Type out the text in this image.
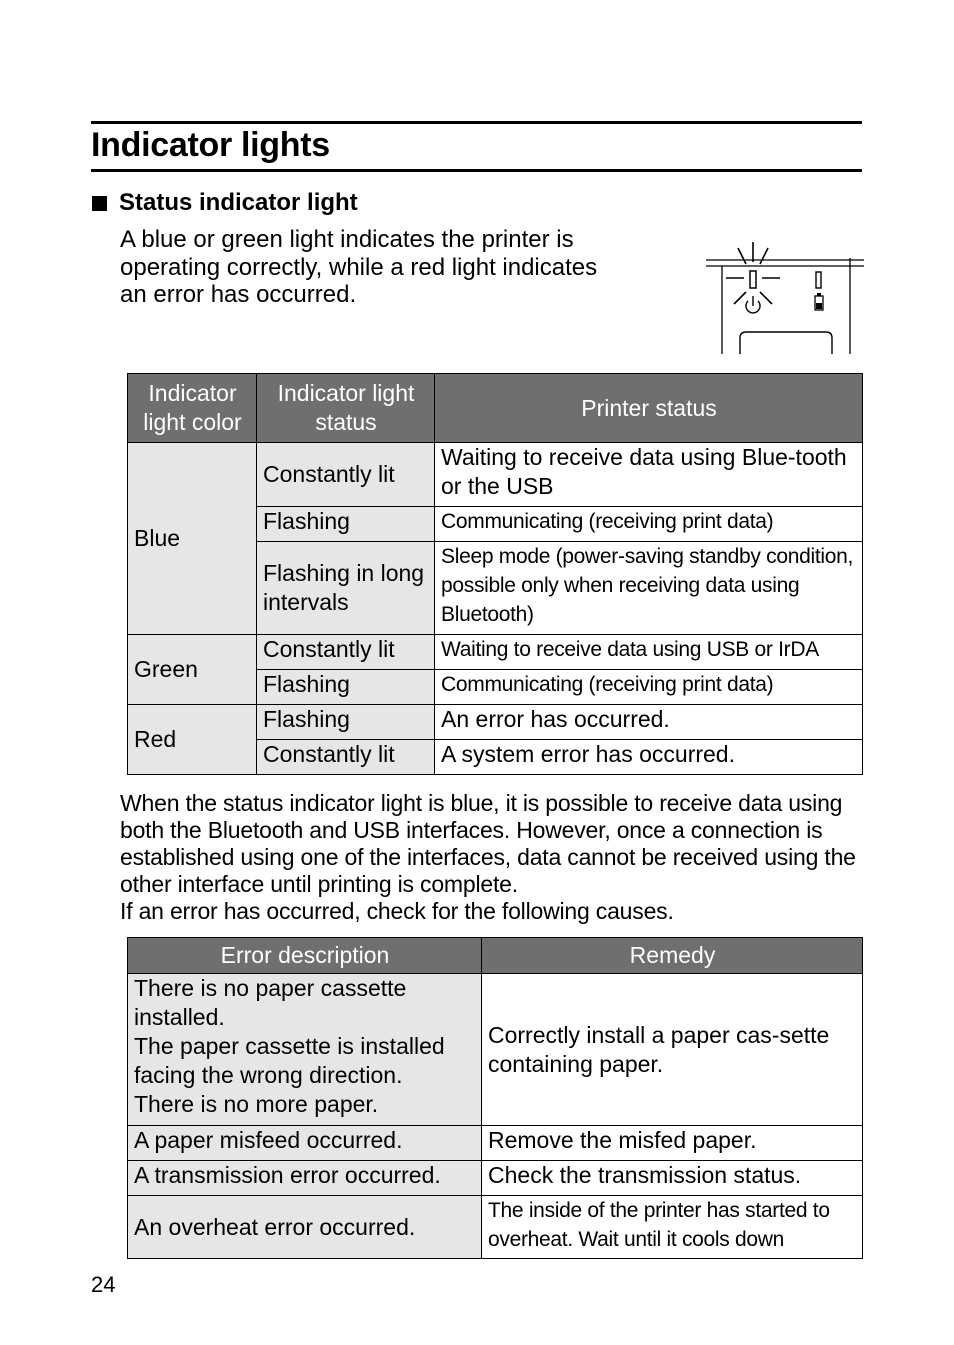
Indicator lights
Status indicator light
A blue or green light indicates the printer is
operating correctly, while a red light indicates
an error has occurred.
Indicator light color	Indicator light status	Printer status
Blue	Constantly lit	Waiting to receive data using Blue-tooth or the USB
	Flashing	Communicating (receiving print data)
	Flashing in long intervals	Sleep mode (power-saving standby condition, possible only when receiving data using Bluetooth)
Green	Constantly lit	Waiting to receive data using USB or IrDA
	Flashing	Communicating (receiving print data)
Red	Flashing	An error has occurred.
	Constantly lit	A system error has occurred.
When the status indicator light is blue, it is possible to receive data using both the Bluetooth and USB interfaces. However, once a connection is established using one of the interfaces, data cannot be received using the other interface until printing is complete.
If an error has occurred, check for the following causes.
Error description	Remedy

There is no paper cassette installed.
The paper cassette is installed facing the wrong direction.
There is no more paper.	Correctly install a paper cas-sette containing paper.

A paper misfeed occurred.	Remove the misfed paper.

A transmission error occurred.	Check the transmission status.

An overheat error occurred.	The inside of the printer has started to overheat. Wait until it cools down
24
